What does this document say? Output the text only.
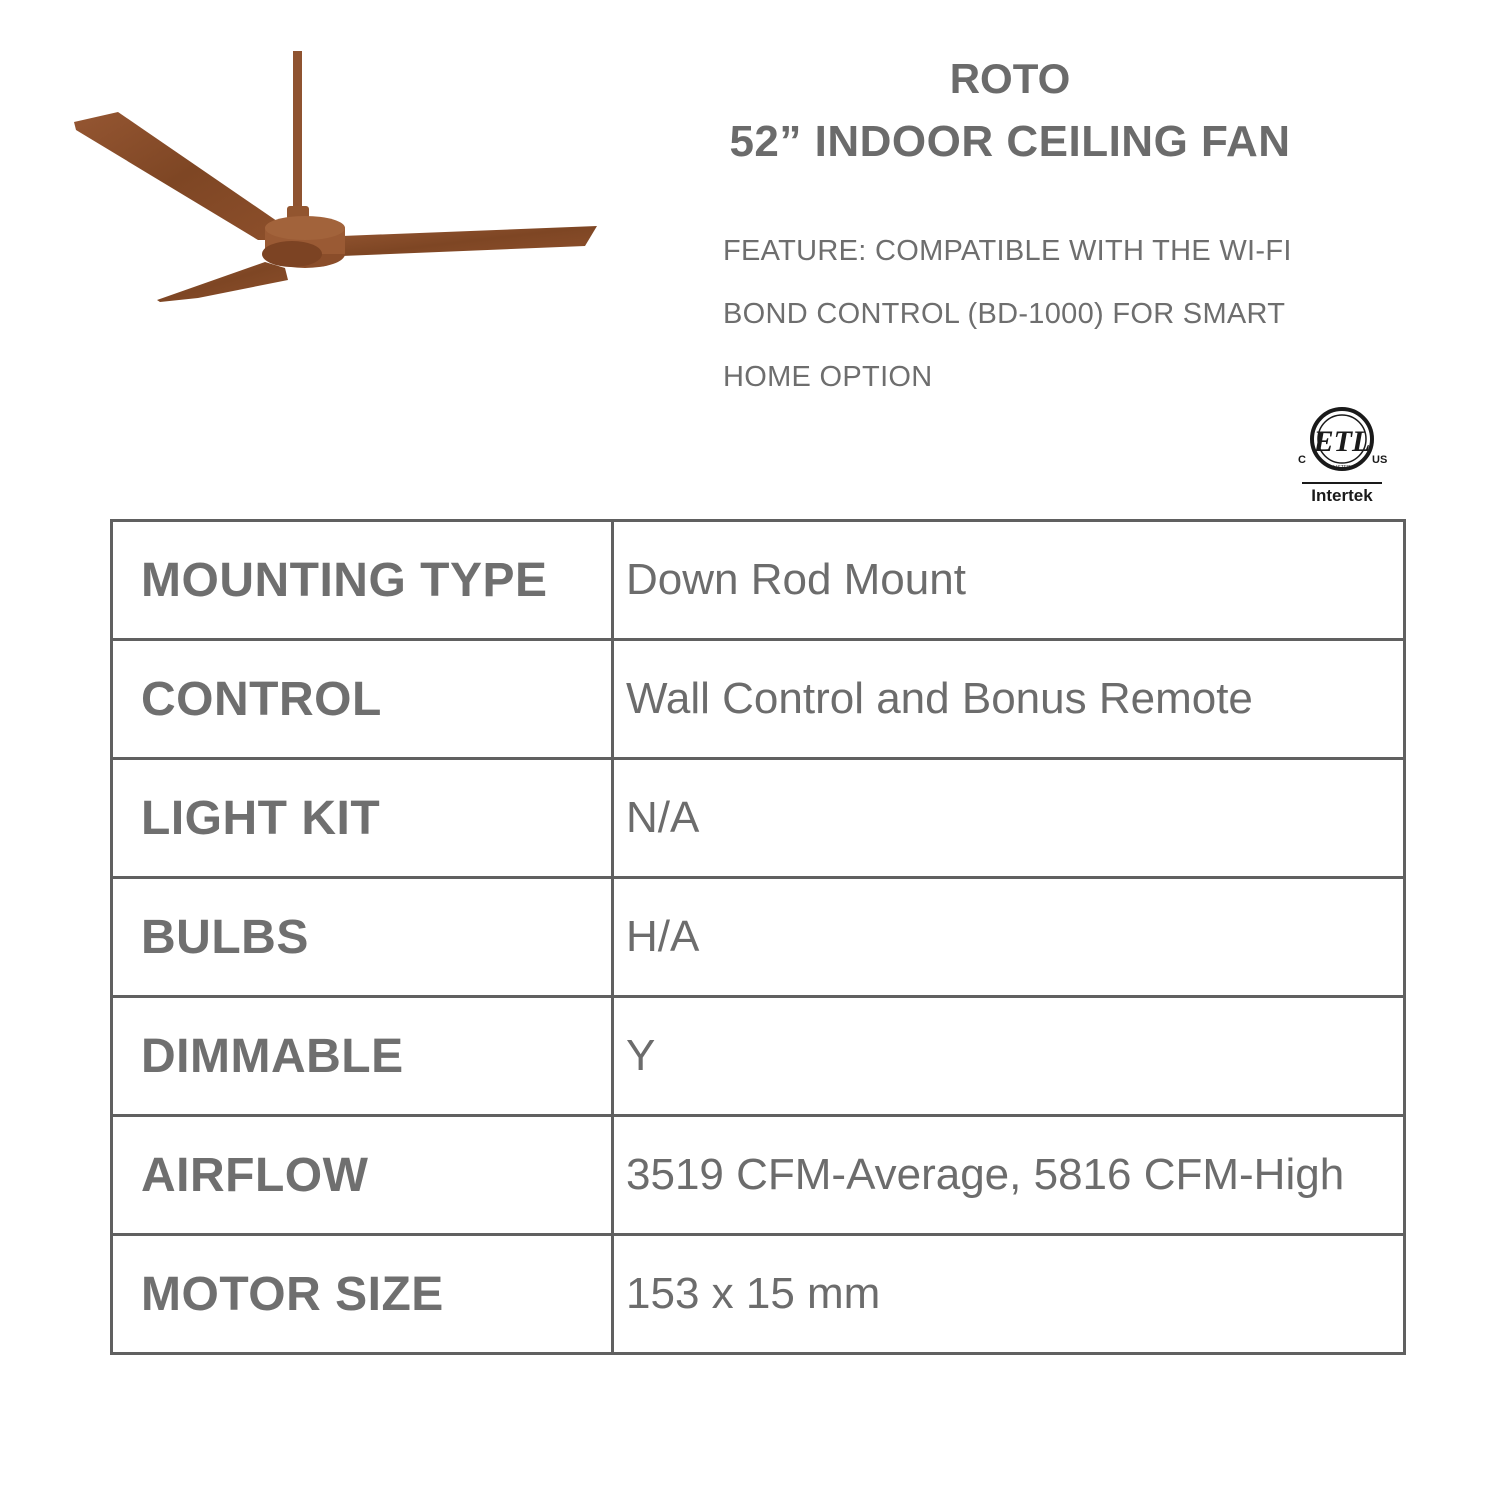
ROTO
52” INDOOR CEILING FAN
FEATURE: COMPATIBLE WITH THE WI-FI
BOND CONTROL (BD-1000) FOR SMART
HOME OPTION
ETL
C	US
LISTED
Intertek
MOUNTING TYPE	Down Rod Mount
CONTROL	Wall Control and Bonus Remote
LIGHT KIT	N/A
BULBS	H/A
DIMMABLE	Y
AIRFLOW	3519 CFM-Average, 5816 CFM-High
MOTOR SIZE	153 x 15 mm
